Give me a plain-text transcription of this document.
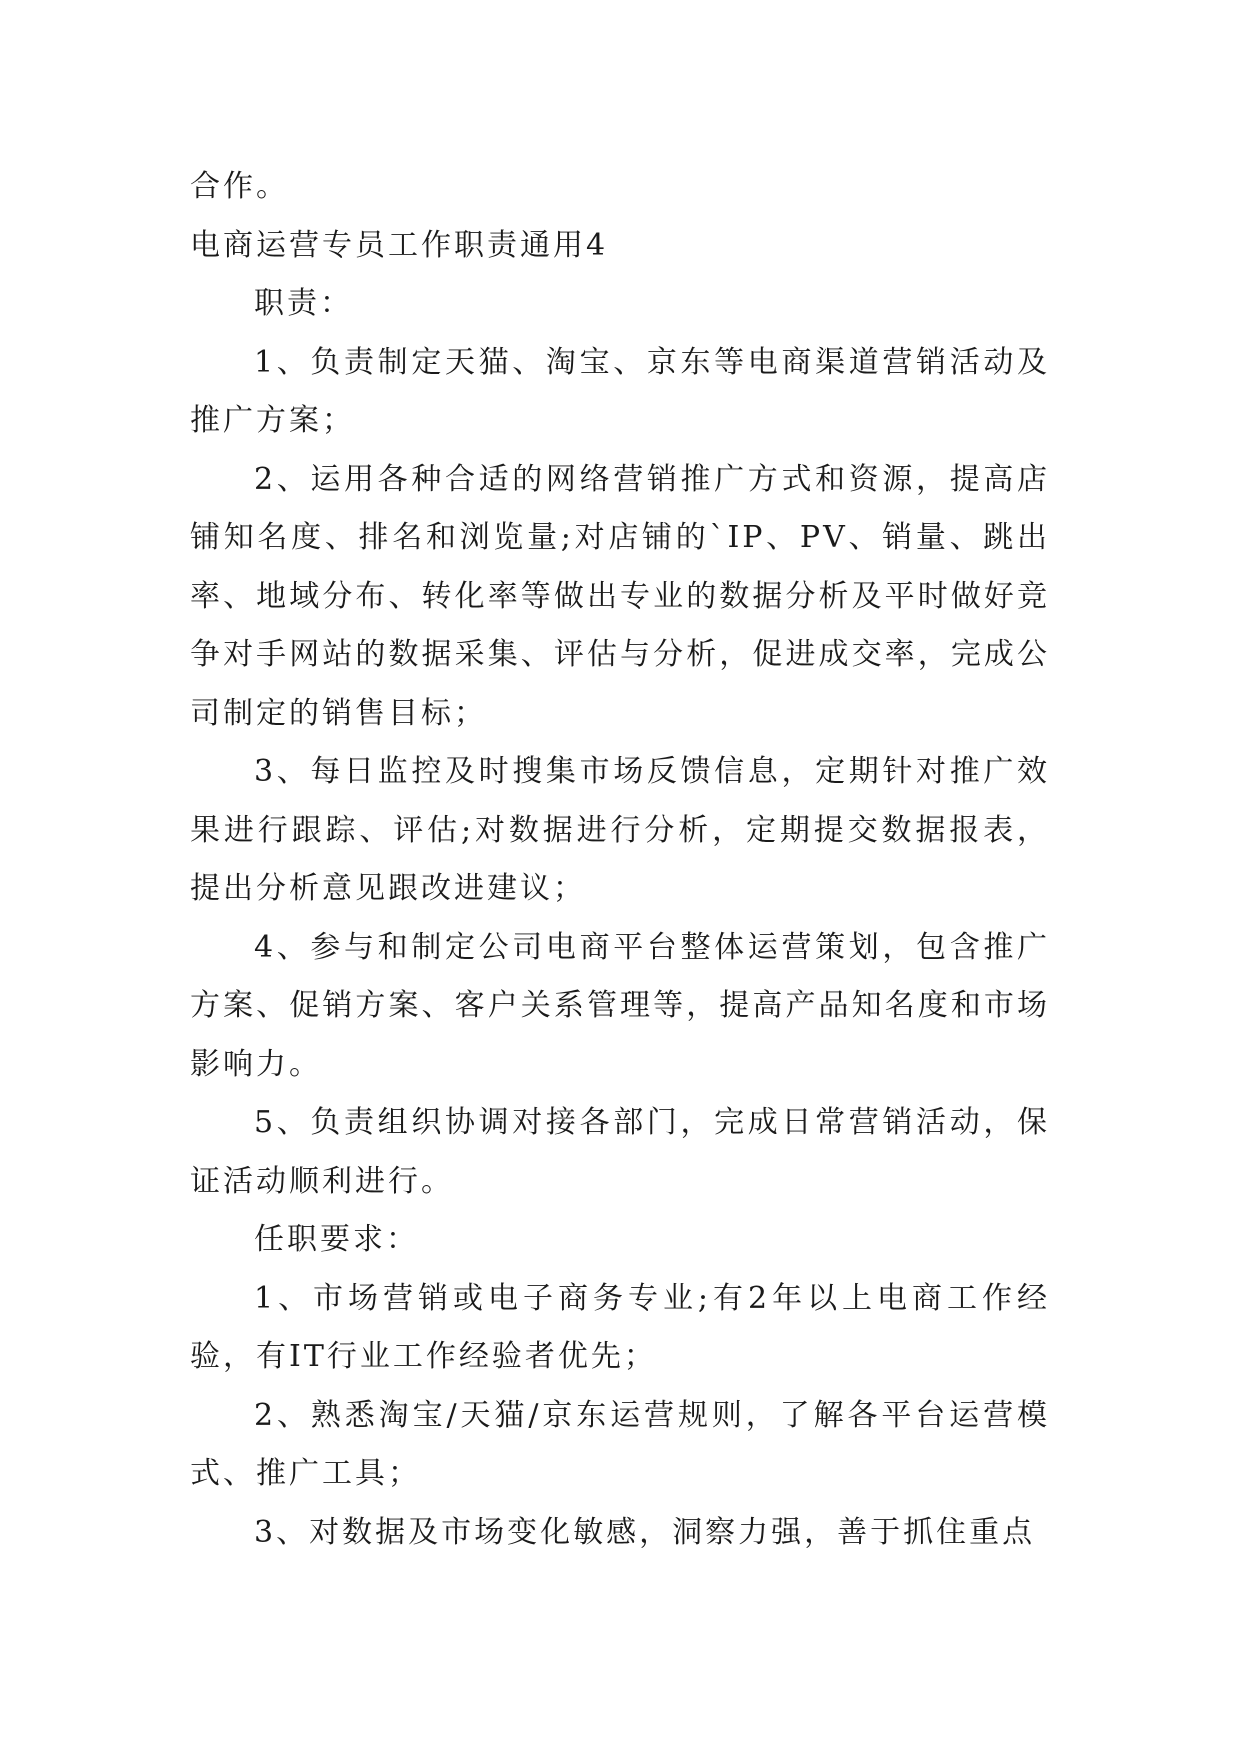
合作。

电商运营专员工作职责通用4

职责：

1、负责制定天猫、淘宝、京东等电商渠道营销活动及推广方案；

2、运用各种合适的网络营销推广方式和资源，提高店铺知名度、排名和浏览量;对店铺的`IP、PV、销量、跳出率、地域分布、转化率等做出专业的数据分析及平时做好竞争对手网站的数据采集、评估与分析，促进成交率，完成公司制定的销售目标；

3、每日监控及时搜集市场反馈信息，定期针对推广效果进行跟踪、评估;对数据进行分析，定期提交数据报表，提出分析意见跟改进建议；

4、参与和制定公司电商平台整体运营策划，包含推广方案、促销方案、客户关系管理等，提高产品知名度和市场影响力。

5、负责组织协调对接各部门，完成日常营销活动，保证活动顺利进行。

任职要求：

1、市场营销或电子商务专业;有2年以上电商工作经验，有IT行业工作经验者优先；

2、熟悉淘宝/天猫/京东运营规则，了解各平台运营模式、推广工具；

3、对数据及市场变化敏感，洞察力强，善于抓住重点
